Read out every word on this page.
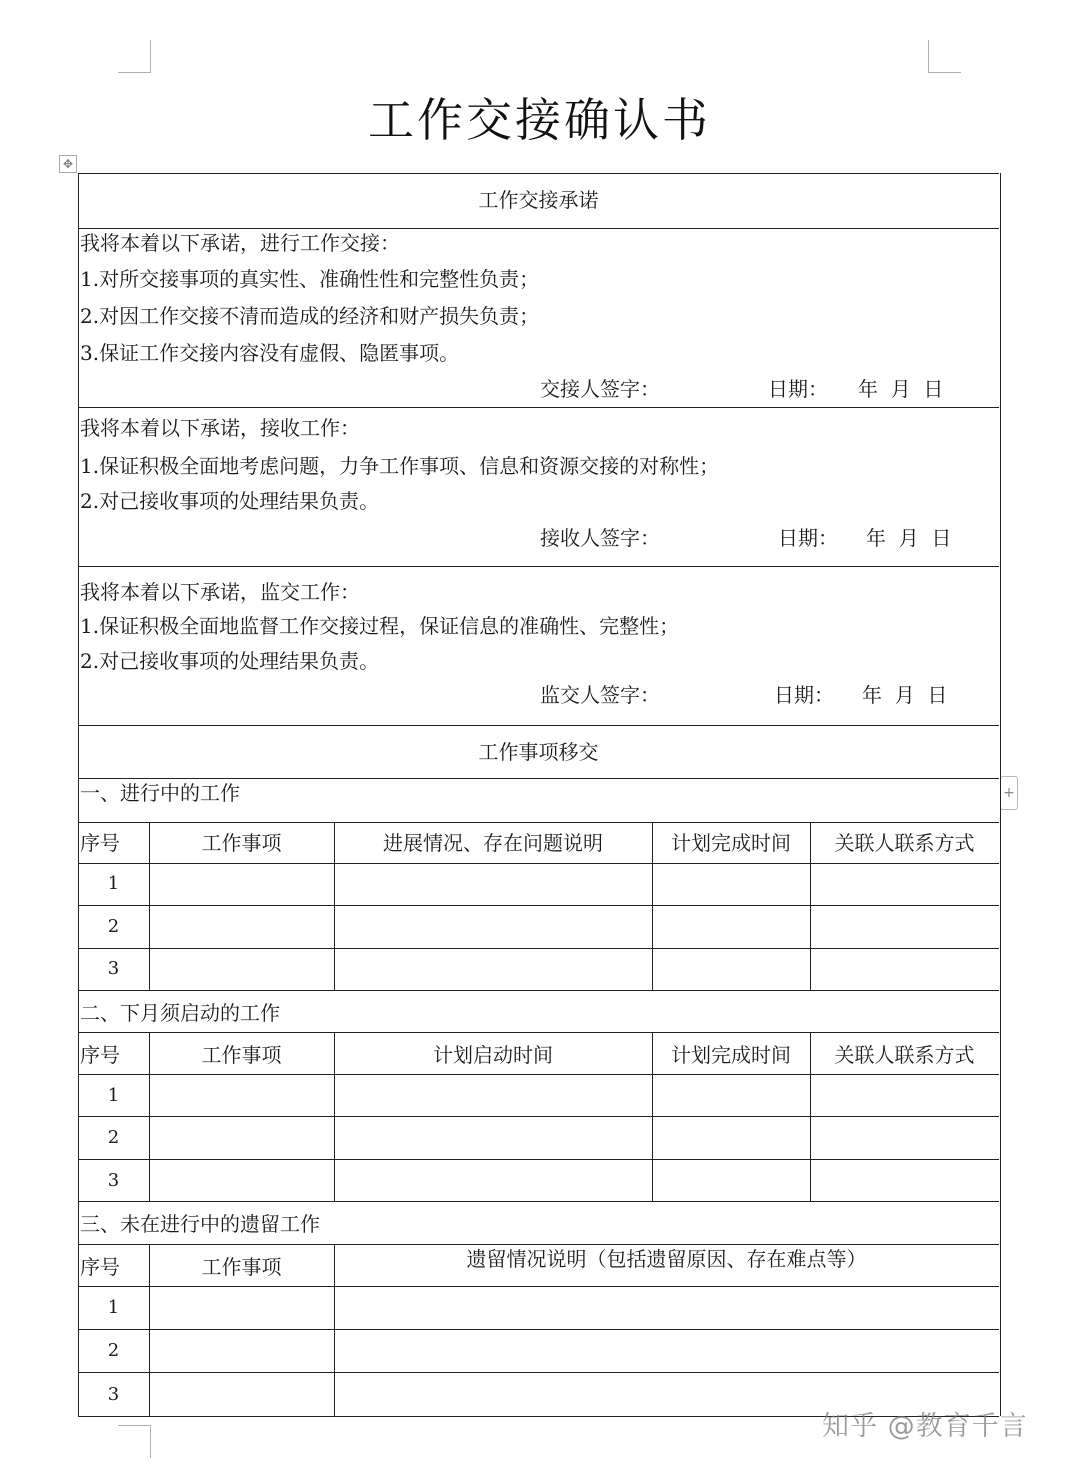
工作交接确认书
✥
+
工作交接承诺
我将本着以下承诺，进行工作交接：
1.对所交接事项的真实性、准确性性和完整性负责；
2.对因工作交接不清而造成的经济和财产损失负责；
3.保证工作交接内容没有虚假、隐匿事项。
交接人签字：	日期： 年  月  日
我将本着以下承诺，接收工作：
1.保证积极全面地考虑问题，力争工作事项、信息和资源交接的对称性；
2.对己接收事项的处理结果负责。
接收人签字：	日期： 年  月  日
我将本着以下承诺，监交工作：
1.保证积极全面地监督工作交接过程，保证信息的准确性、完整性；
2.对己接收事项的处理结果负责。
监交人签字：	日期： 年  月  日
工作事项移交
一、进行中的工作
序号	工作事项	进展情况、存在问题说明	计划完成时间	关联人联系方式
1
2
3
二、下月须启动的工作
序号	工作事项	计划启动时间	计划完成时间	关联人联系方式
1
2
3
三、未在进行中的遗留工作
序号	工作事项	遗留情况说明（包括遗留原因、存在难点等）
1
2
3
知乎 @教育千言
